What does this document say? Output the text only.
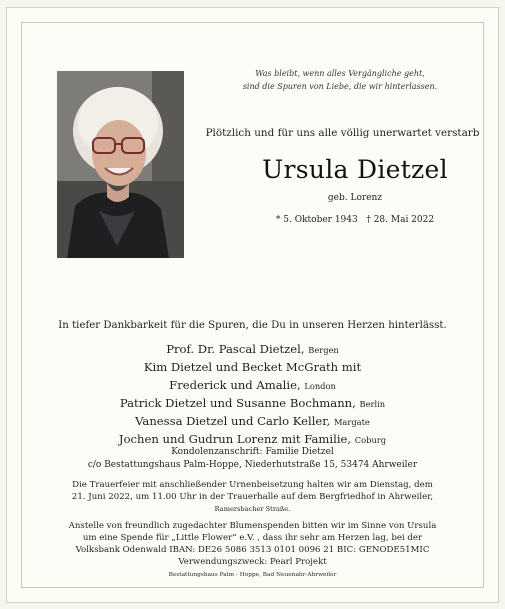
Was bleibt, wenn alles Vergängliche geht,
sind die Spuren von Liebe, die wir hinterlassen.
Plötzlich und für uns alle völlig unerwartet verstarb
Ursula Dietzel
geb. Lorenz
* 5. Oktober 1943 † 28. Mai 2022
In tiefer Dankbarkeit für die Spuren, die Du in unseren Herzen hinterlässt.
Prof. Dr. Pascal Dietzel, Bergen
Kim Dietzel und Becket McGrath mit
Frederick und Amalie, London
Patrick Dietzel und Susanne Bochmann, Berlin
Vanessa Dietzel und Carlo Keller, Margate
Jochen und Gudrun Lorenz mit Familie, Coburg
Kondolenzanschrift: Familie Dietzel
c/o Bestattungshaus Palm-Hoppe, Niederhutstraße 15, 53474 Ahrweiler
Die Trauerfeier mit anschließender Urnenbeisetzung halten wir am Dienstag, dem
21. Juni 2022, um 11.00 Uhr in der Trauerhalle auf dem Bergfriedhof in Ahrweiler,
Ramersbacher Straße.
Anstelle von freundlich zugedachter Blumenspenden bitten wir im Sinne von Ursula
um eine Spende für „Little Flower“ e.V. , dass ihr sehr am Herzen lag, bei der
Volksbank Odenwald IBAN: DE26 5086 3513 0101 0096 21 BIC: GENODE51MIC
Verwendungszweck: Pearl Projekt
Bestattungshaus Palm - Hoppe, Bad Neuenahr-Ahrweiler
